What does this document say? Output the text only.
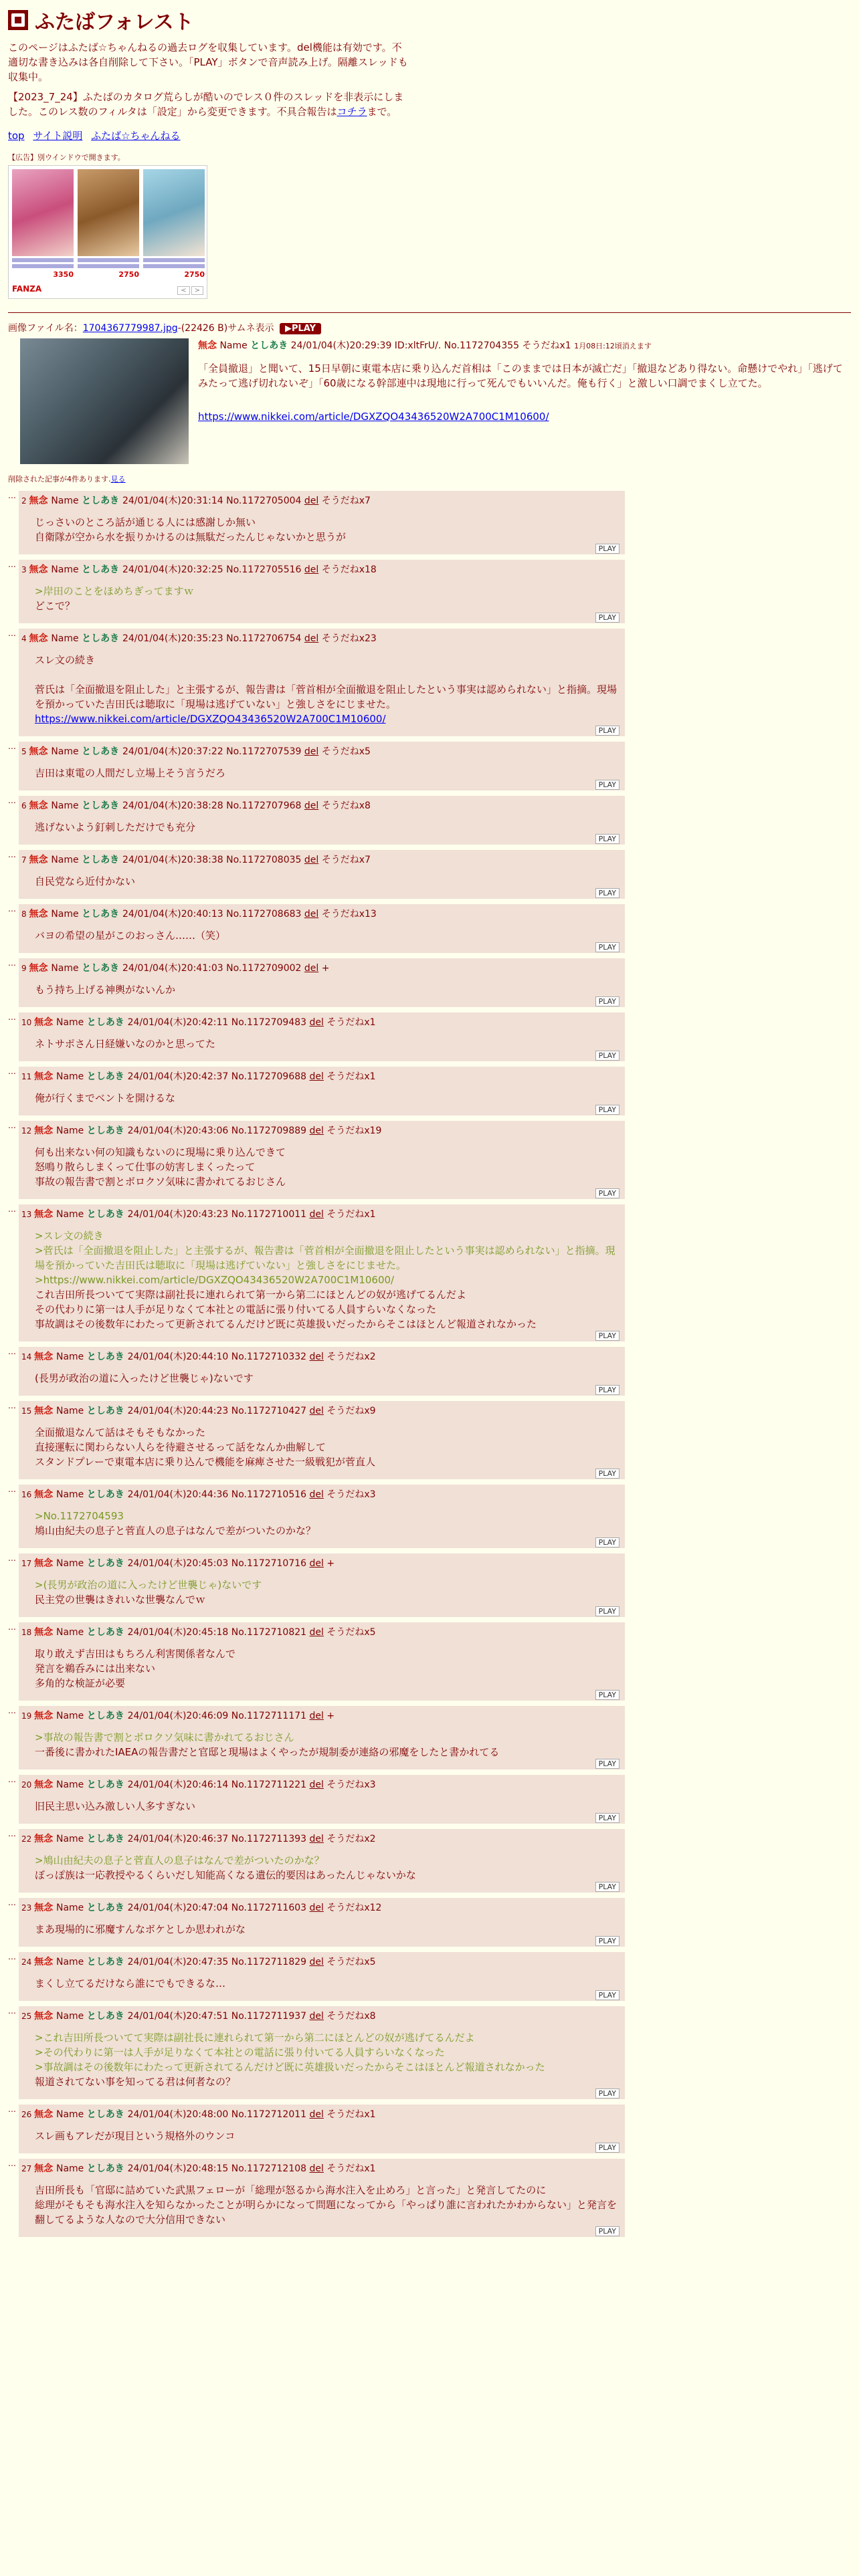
ふたばフォレスト

このページはふたば☆ちゃんねるの過去ログを収集しています。del機能は有効です。不適切な書き込みは各自削除して下さい。「PLAY」ボタンで音声読み上げ。隔離スレッドも収集中。

【2023_7_24】ふたばのカタログ荒らしが酷いのでレス０件のスレッドを非表示にしました。このレス数のフィルタは「設定」から変更できます。不具合報告はコチラまで。

top サイト説明 ふたば☆ちゃんねる
【広告】別ウインドウで開きます。
3350	2750	2750
FANZA	< >
画像ファイル名：1704367779987.jpg-(22426 B)サムネ表示 ▶PLAY
無念 Name としあき 24/01/04(木)20:29:39 ID:xltFrU/. No.1172704355 そうだねx1 1月08日:12頃消えます
「全員撤退」と聞いて、15日早朝に東電本店に乗り込んだ首相は「このままでは日本が滅亡だ」「撤退などあり得ない。命懸けでやれ」「逃げてみたって逃げ切れないぞ」「60歳になる幹部連中は現地に行って死んでもいいんだ。俺も行く」と激しい口調でまくし立てた。
https://www.nikkei.com/article/DGXZQO43436520W2A700C1M10600/
削除された記事が4件あります.見る
…
2 無念 Name としあき 24/01/04(木)20:31:14 No.1172705004 del そうだねx7
じっさいのところ話が通じる人には感謝しか無い
自衛隊が空から水を振りかけるのは無駄だったんじゃないかと思うが
PLAY
…
3 無念 Name としあき 24/01/04(木)20:32:25 No.1172705516 del そうだねx18
>岸田のことをほめちぎってますｗ
どこで？
PLAY
…
4 無念 Name としあき 24/01/04(木)20:35:23 No.1172706754 del そうだねx23
スレ文の続き

菅氏は「全面撤退を阻止した」と主張するが、報告書は「菅首相が全面撤退を阻止したという事実は認められない」と指摘。現場を預かっていた吉田氏は聴取に「現場は逃げていない」と強しさをにじませた。
https://www.nikkei.com/article/DGXZQO43436520W2A700C1M10600/
PLAY
…
5 無念 Name としあき 24/01/04(木)20:37:22 No.1172707539 del そうだねx5
吉田は東電の人間だし立場上そう言うだろ
PLAY
…
6 無念 Name としあき 24/01/04(木)20:38:28 No.1172707968 del そうだねx8
逃げないよう釘刺しただけでも充分
PLAY
…
7 無念 Name としあき 24/01/04(木)20:38:38 No.1172708035 del そうだねx7
自民党なら近付かない
PLAY
…
8 無念 Name としあき 24/01/04(木)20:40:13 No.1172708683 del そうだねx13
バヨの希望の星がこのおっさん……（笑）
PLAY
…
9 無念 Name としあき 24/01/04(木)20:41:03 No.1172709002 del +
もう持ち上げる神輿がないんか
PLAY
…
10 無念 Name としあき 24/01/04(木)20:42:11 No.1172709483 del そうだねx1
ネトサポさん日経嫌いなのかと思ってた
PLAY
…
11 無念 Name としあき 24/01/04(木)20:42:37 No.1172709688 del そうだねx1
俺が行くまでベントを開けるな
PLAY
…
12 無念 Name としあき 24/01/04(木)20:43:06 No.1172709889 del そうだねx19
何も出来ない何の知識もないのに現場に乗り込んできて
怒鳴り散らしまくって仕事の妨害しまくったって
事故の報告書で割とボロクソ気味に書かれてるおじさん
PLAY
…
13 無念 Name としあき 24/01/04(木)20:43:23 No.1172710011 del そうだねx1
>スレ文の続き
>菅氏は「全面撤退を阻止した」と主張するが、報告書は「菅首相が全面撤退を阻止したという事実は認められない」と指摘。現場を預かっていた吉田氏は聴取に「現場は逃げていない」と強しさをにじませた。
>https://www.nikkei.com/article/DGXZQO43436520W2A700C1M10600/
これ吉田所長ついてて実際は副社長に連れられて第一から第二にほとんどの奴が逃げてるんだよ
その代わりに第一は人手が足りなくて本社との電話に張り付いてる人員すらいなくなった
事故調はその後数年にわたって更新されてるんだけど既に英雄扱いだったからそこはほとんど報道されなかった
PLAY
…
14 無念 Name としあき 24/01/04(木)20:44:10 No.1172710332 del そうだねx2
(長男が政治の道に入ったけど世襲じゃ)ないです
PLAY
…
15 無念 Name としあき 24/01/04(木)20:44:23 No.1172710427 del そうだねx9
全面撤退なんて話はそもそもなかった
直接運転に関わらない人らを待避させるって話をなんか曲解して
スタンドプレーで東電本店に乗り込んで機能を麻痺させた一級戦犯が菅直人
PLAY
…
16 無念 Name としあき 24/01/04(木)20:44:36 No.1172710516 del そうだねx3
>No.1172704593
鳩山由紀夫の息子と菅直人の息子はなんで差がついたのかな？
PLAY
…
17 無念 Name としあき 24/01/04(木)20:45:03 No.1172710716 del +
>(長男が政治の道に入ったけど世襲じゃ)ないです
民主党の世襲はきれいな世襲なんでｗ
PLAY
…
18 無念 Name としあき 24/01/04(木)20:45:18 No.1172710821 del そうだねx5
取り敢えず吉田はもちろん利害関係者なんで
発言を鵜呑みには出来ない
多角的な検証が必要
PLAY
…
19 無念 Name としあき 24/01/04(木)20:46:09 No.1172711171 del +
>事故の報告書で割とボロクソ気味に書かれてるおじさん
一番後に書かれたIAEAの報告書だと官邸と現場はよくやったが規制委が連絡の邪魔をしたと書かれてる
PLAY
…
20 無念 Name としあき 24/01/04(木)20:46:14 No.1172711221 del そうだねx3
旧民主思い込み激しい人多すぎない
PLAY
…
22 無念 Name としあき 24/01/04(木)20:46:37 No.1172711393 del そうだねx2
>鳩山由紀夫の息子と菅直人の息子はなんで差がついたのかな？
ぼっぽ族は一応教授やるくらいだし知能高くなる遺伝的要因はあったんじゃないかな
PLAY
…
23 無念 Name としあき 24/01/04(木)20:47:04 No.1172711603 del そうだねx12
まあ現場的に邪魔すんなボケとしか思われがな
PLAY
…
24 無念 Name としあき 24/01/04(木)20:47:35 No.1172711829 del そうだねx5
まくし立てるだけなら誰にでもできるな…
PLAY
…
25 無念 Name としあき 24/01/04(木)20:47:51 No.1172711937 del そうだねx8
>これ吉田所長ついてて実際は副社長に連れられて第一から第二にほとんどの奴が逃げてるんだよ
>その代わりに第一は人手が足りなくて本社との電話に張り付いてる人員すらいなくなった
>事故調はその後数年にわたって更新されてるんだけど既に英雄扱いだったからそこはほとんど報道されなかった
報道されてない事を知ってる君は何者なの？
PLAY
…
26 無念 Name としあき 24/01/04(木)20:48:00 No.1172712011 del そうだねx1
スレ画もアレだが現目という規格外のウンコ
PLAY
…
27 無念 Name としあき 24/01/04(木)20:48:15 No.1172712108 del そうだねx1
吉田所長も「官邸に詰めていた武黒フェローが「総理が怒るから海水注入を止めろ」と言った」と発言してたのに
総理がそもそも海水注入を知らなかったことが明らかになって問題になってから「やっぱり誰に言われたかわからない」と発言を翻してるような人なので大分信用できない
PLAY
